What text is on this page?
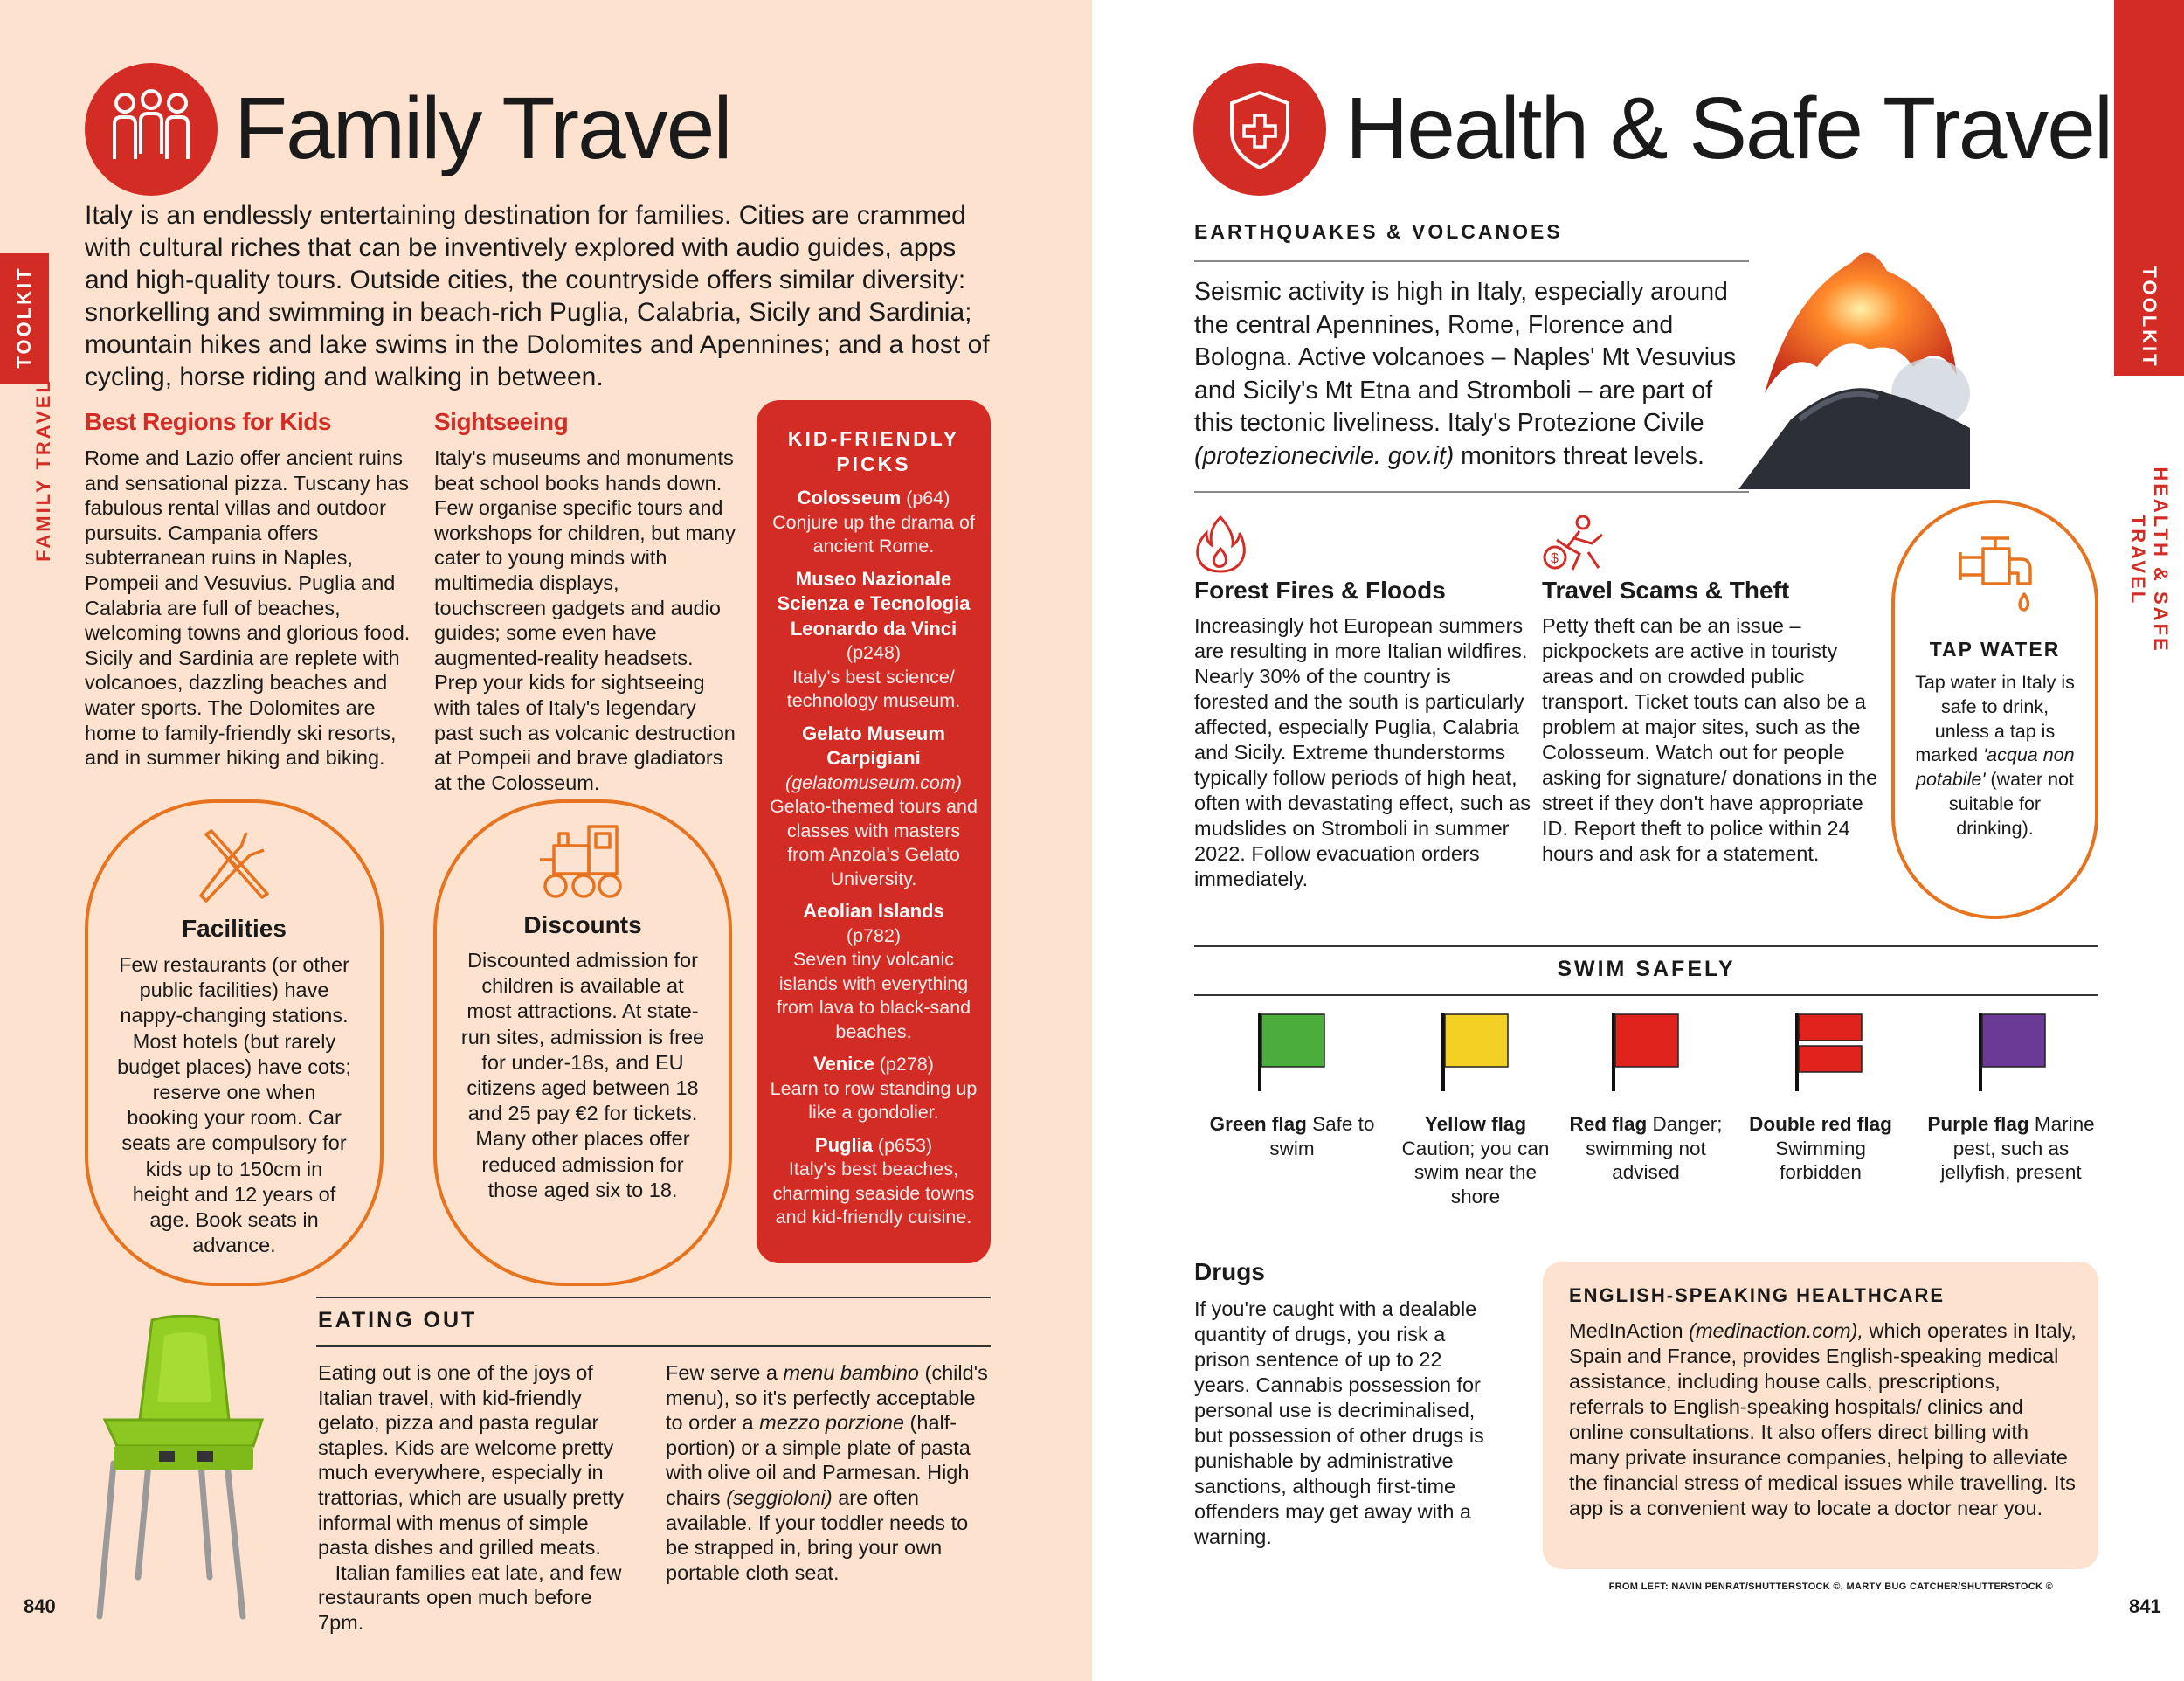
TOOLKIT
FAMILY TRAVEL
Family Travel
Italy is an endlessly entertaining destination for families. Cities are crammed with cultural riches that can be inventively explored with audio guides, apps and high-quality tours. Outside cities, the countryside offers similar diversity: snorkelling and swimming in beach-rich Puglia, Calabria, Sicily and Sardinia; mountain hikes and lake swims in the Dolomites and Apennines; and a host of cycling, horse riding and walking in between.
Best Regions for Kids
Rome and Lazio offer ancient ruins and sensational pizza. Tuscany has fabulous rental villas and outdoor pursuits. Campania offers subterranean ruins in Naples, Pompeii and Vesuvius. Puglia and Calabria are full of beaches, welcoming towns and glorious food. Sicily and Sardinia are replete with volcanoes, dazzling beaches and water sports. The Dolomites are home to family-friendly ski resorts, and in summer hiking and biking.
Sightseeing
Italy's museums and monuments beat school books hands down. Few organise specific tours and workshops for children, but many cater to young minds with multimedia displays, touchscreen gadgets and audio guides; some even have augmented-reality headsets. Prep your kids for sightseeing with tales of Italy's legendary past such as volcanic destruction at Pompeii and brave gladiators at the Colosseum.
KID-FRIENDLY PICKS
Colosseum (p64)
Conjure up the drama of ancient Rome.
Museo Nazionale Scienza e Tecnologia Leonardo da Vinci
(p248)
Italy's best science/ technology museum.
Gelato Museum Carpigiani
(gelatomuseum.com)
Gelato-themed tours and classes with masters from Anzola's Gelato University.
Aeolian Islands
(p782)
Seven tiny volcanic islands with everything from lava to black-sand beaches.
Venice (p278)
Learn to row standing up like a gondolier.
Puglia (p653)
Italy's best beaches, charming seaside towns and kid-friendly cuisine.
Facilities
Few restaurants (or other public facilities) have nappy-changing stations. Most hotels (but rarely budget places) have cots; reserve one when booking your room. Car seats are compulsory for kids up to 150cm in height and 12 years of age. Book seats in advance.
Discounts
Discounted admission for children is available at most attractions. At state-run sites, admission is free for under-18s, and EU citizens aged between 18 and 25 pay €2 for tickets. Many other places offer reduced admission for those aged six to 18.
EATING OUT
Eating out is one of the joys of Italian travel, with kid-friendly gelato, pizza and pasta regular staples. Kids are welcome pretty much everywhere, especially in trattorias, which are usually pretty informal with menus of simple pasta dishes and grilled meats.
Italian families eat late, and few restaurants open much before 7pm.
Few serve a menu bambino (child's menu), so it's perfectly acceptable to order a mezzo porzione (half-portion) or a simple plate of pasta with olive oil and Parmesan. High chairs (seggioloni) are often available. If your toddler needs to be strapped in, bring your own portable cloth seat.
840
TOOLKIT
HEALTH & SAFE TRAVEL
Health & Safe Travel
EARTHQUAKES & VOLCANOES
Seismic activity is high in Italy, especially around the central Apennines, Rome, Florence and Bologna. Active volcanoes – Naples' Mt Vesuvius and Sicily's Mt Etna and Stromboli – are part of this tectonic liveliness. Italy's Protezione Civile (protezionecivile. gov.it) monitors threat levels.
Forest Fires & Floods
Increasingly hot European summers are resulting in more Italian wildfires. Nearly 30% of the country is forested and the south is particularly affected, especially Puglia, Calabria and Sicily. Extreme thunderstorms typically follow periods of high heat, often with devastating effect, such as mudslides on Stromboli in summer 2022. Follow evacuation orders immediately.
$
Travel Scams & Theft
Petty theft can be an issue – pickpockets are active in touristy areas and on crowded public transport. Ticket touts can also be a problem at major sites, such as the Colosseum. Watch out for people asking for signature/ donations in the street if they don't have appropriate ID. Report theft to police within 24 hours and ask for a statement.
TAP WATER
Tap water in Italy is safe to drink, unless a tap is marked 'acqua non potabile' (water not suitable for drinking).
SWIM SAFELY
Green flag Safe to swim
Yellow flag Caution; you can swim near the shore
Red flag Danger; swimming not advised
Double red flag Swimming forbidden
Purple flag Marine pest, such as jellyfish, present
Drugs
If you're caught with a dealable quantity of drugs, you risk a prison sentence of up to 22 years. Cannabis possession for personal use is decriminalised, but possession of other drugs is punishable by administrative sanctions, although first-time offenders may get away with a warning.
ENGLISH-SPEAKING HEALTHCARE
MedInAction (medinaction.com), which operates in Italy, Spain and France, provides English-speaking medical assistance, including house calls, prescriptions, referrals to English-speaking hospitals/ clinics and online consultations. It also offers direct billing with many private insurance companies, helping to alleviate the financial stress of medical issues while travelling. Its app is a convenient way to locate a doctor near you.
FROM LEFT: NAVIN PENRAT/SHUTTERSTOCK ©, MARTY BUG CATCHER/SHUTTERSTOCK ©
841
